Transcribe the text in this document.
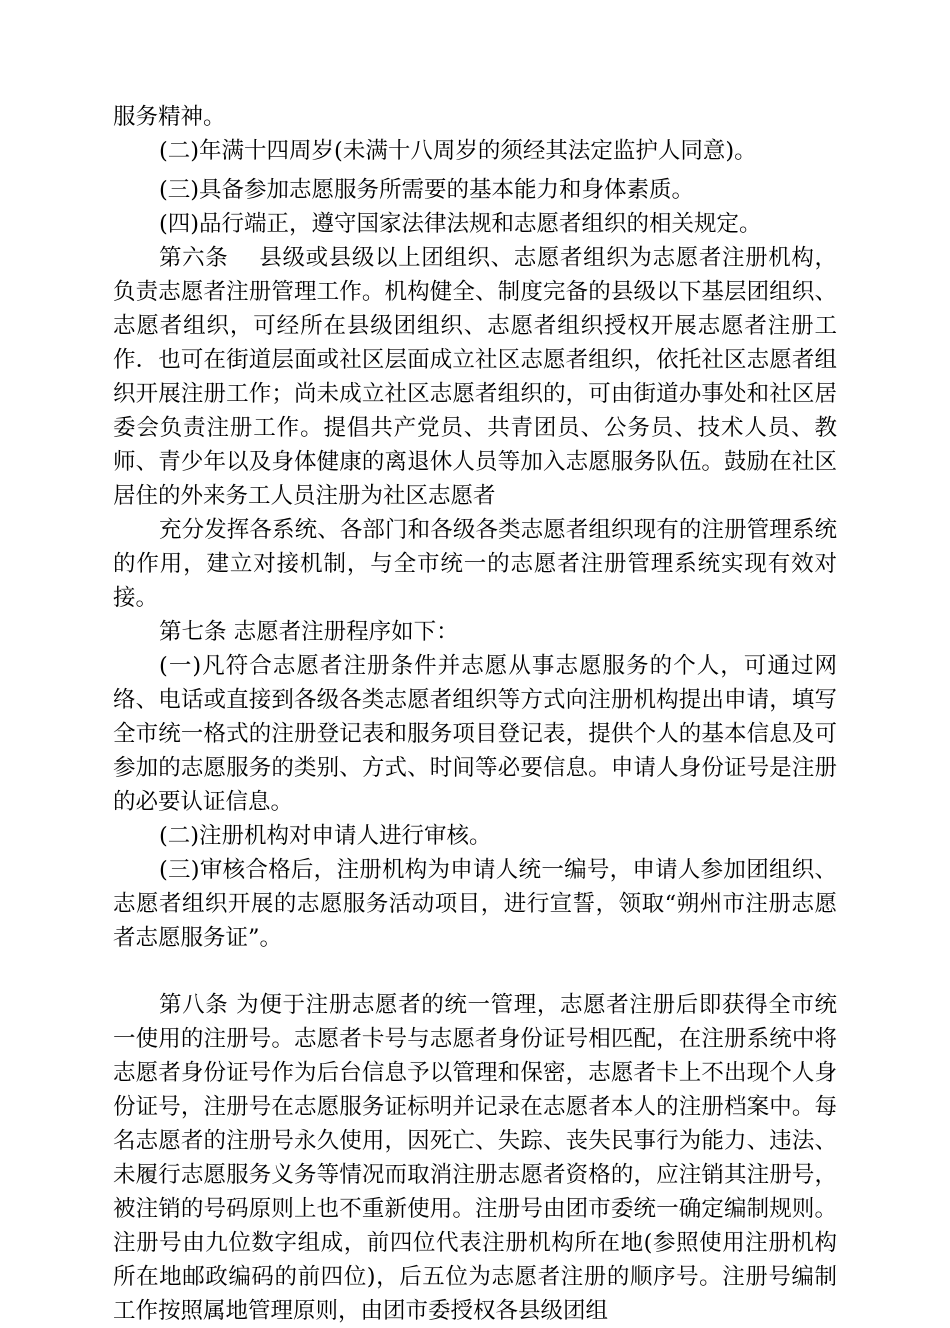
服务精神。

(二)年满十四周岁(未满十八周岁的须经其法定监护人同意)。

(三)具备参加志愿服务所需要的基本能力和身体素质。

(四)品行端正，遵守国家法律法规和志愿者组织的相关规定。

第六条　 县级或县级以上团组织、志愿者组织为志愿者注册机构，负责志愿者注册管理工作。机构健全、制度完备的县级以下基层团组织、志愿者组织，可经所在县级团组织、志愿者组织授权开展志愿者注册工作．也可在街道层面或社区层面成立社区志愿者组织，依托社区志愿者组织开展注册工作；尚未成立社区志愿者组织的，可由街道办事处和社区居委会负责注册工作。提倡共产党员、共青团员、公务员、技术人员、教师、青少年以及身体健康的离退休人员等加入志愿服务队伍。鼓励在社区居住的外来务工人员注册为社区志愿者

充分发挥各系统、各部门和各级各类志愿者组织现有的注册管理系统的作用，建立对接机制，与全市统一的志愿者注册管理系统实现有效对接。

第七条 志愿者注册程序如下：

(一)凡符合志愿者注册条件并志愿从事志愿服务的个人，可通过网络、电话或直接到各级各类志愿者组织等方式向注册机构提出申请，填写全市统一格式的注册登记表和服务项目登记表，提供个人的基本信息及可参加的志愿服务的类别、方式、时间等必要信息。申请人身份证号是注册的必要认证信息。

(二)注册机构对申请人进行审核。

(三)审核合格后，注册机构为申请人统一编号，申请人参加团组织、志愿者组织开展的志愿服务活动项目，进行宣誓，领取“朔州市注册志愿者志愿服务证”。

第八条 为便于注册志愿者的统一管理，志愿者注册后即获得全市统一使用的注册号。志愿者卡号与志愿者身份证号相匹配，在注册系统中将志愿者身份证号作为后台信息予以管理和保密，志愿者卡上不出现个人身份证号，注册号在志愿服务证标明并记录在志愿者本人的注册档案中。每名志愿者的注册号永久使用，因死亡、失踪、丧失民事行为能力、违法、未履行志愿服务义务等情况而取消注册志愿者资格的，应注销其注册号，被注销的号码原则上也不重新使用。注册号由团市委统一确定编制规则。注册号由九位数字组成，前四位代表注册机构所在地(参照使用注册机构所在地邮政编码的前四位)，后五位为志愿者注册的顺序号。注册号编制工作按照属地管理原则，由团市委授权各县级团组
